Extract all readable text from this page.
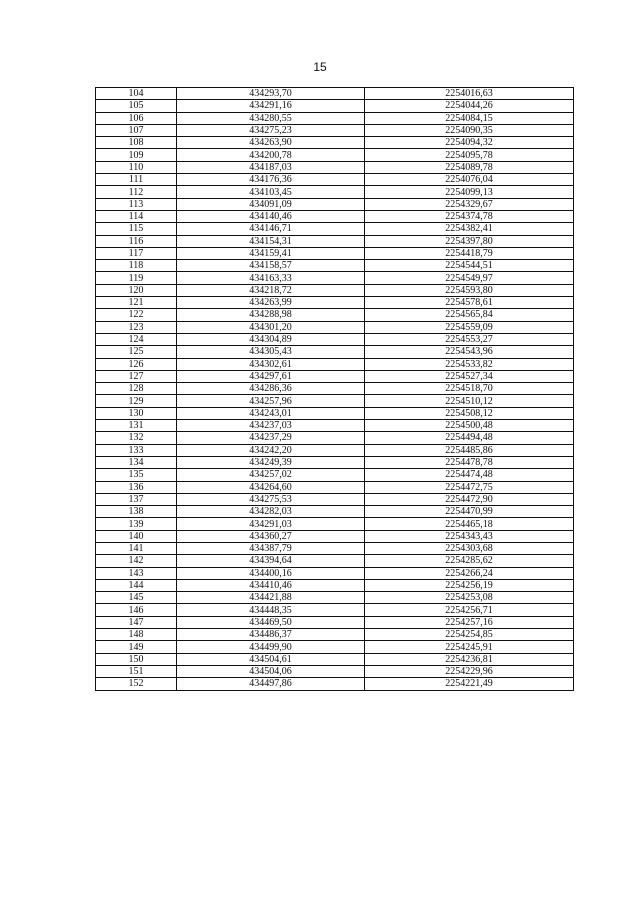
15
104	434293,70	2254016,63
105	434291,16	2254044,26
106	434280,55	2254084,15
107	434275,23	2254090,35
108	434263,90	2254094,32
109	434200,78	2254095,78
110	434187,03	2254089,78
111	434176,36	2254076,04
112	434103,45	2254099,13
113	434091,09	2254329,67
114	434140,46	2254374,78
115	434146,71	2254382,41
116	434154,31	2254397,80
117	434159,41	2254418,79
118	434158,57	2254544,51
119	434163,33	2254549,97
120	434218,72	2254593,80
121	434263,99	2254578,61
122	434288,98	2254565,84
123	434301,20	2254559,09
124	434304,89	2254553,27
125	434305,43	2254543,96
126	434302,61	2254533,82
127	434297,61	2254527,34
128	434286,36	2254518,70
129	434257,96	2254510,12
130	434243,01	2254508,12
131	434237,03	2254500,48
132	434237,29	2254494,48
133	434242,20	2254485,86
134	434249,39	2254478,78
135	434257,02	2254474,48
136	434264,60	2254472,75
137	434275,53	2254472,90
138	434282,03	2254470,99
139	434291,03	2254465,18
140	434360,27	2254343,43
141	434387,79	2254303,68
142	434394,64	2254285,62
143	434400,16	2254266,24
144	434410,46	2254256,19
145	434421,88	2254253,08
146	434448,35	2254256,71
147	434469,50	2254257,16
148	434486,37	2254254,85
149	434499,90	2254245,91
150	434504,61	2254236,81
151	434504,06	2254229,96
152	434497,86	2254221,49
